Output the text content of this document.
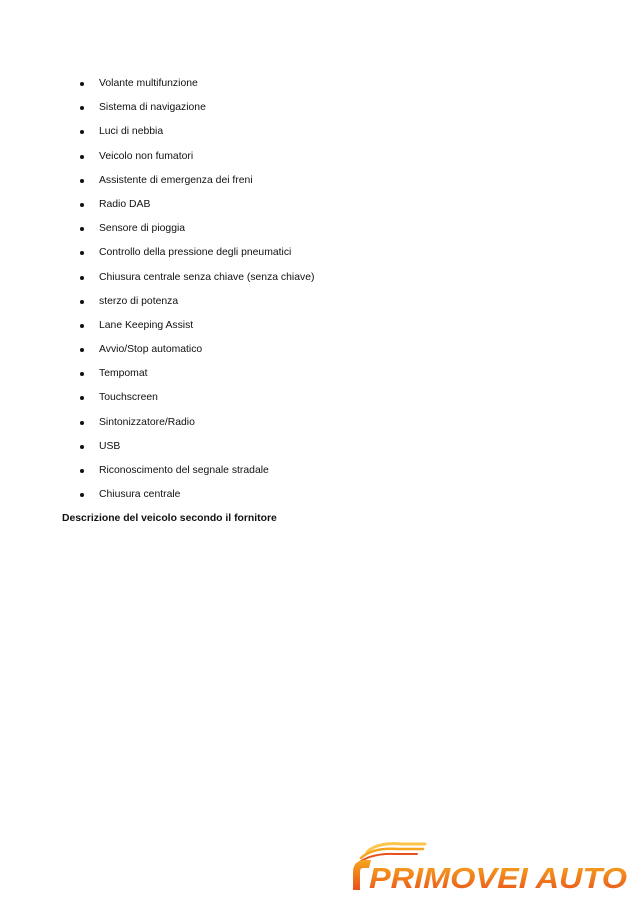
Volante multifunzione
Sistema di navigazione
Luci di nebbia
Veicolo non fumatori
Assistente di emergenza dei freni
Radio DAB
Sensore di pioggia
Controllo della pressione degli pneumatici
Chiusura centrale senza chiave (senza chiave)
sterzo di potenza
Lane Keeping Assist
Avvio/Stop automatico
Tempomat
Touchscreen
Sintonizzatore/Radio
USB
Riconoscimento del segnale stradale
Chiusura centrale

Descrizione del veicolo secondo il fornitore

PRIMOVEI AUTO
